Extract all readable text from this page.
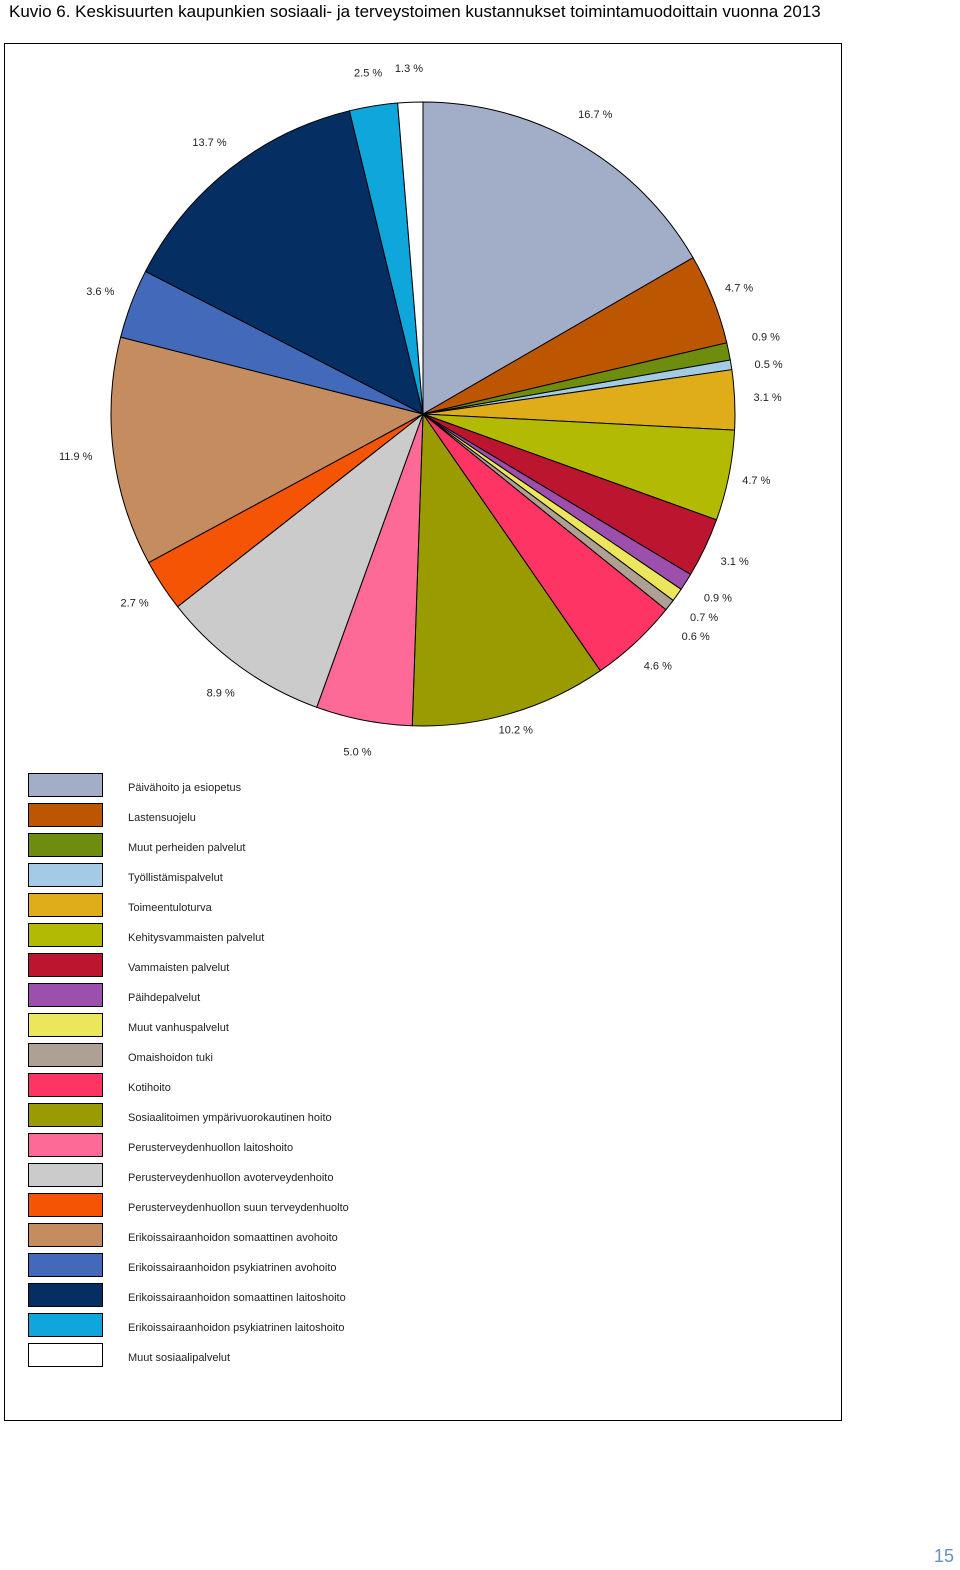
Kuvio 6. Keskisuurten kaupunkien sosiaali- ja terveystoimen kustannukset toimintamuodoittain vuonna 2013
16.7 %
4.7 %
0.9 %
0.5 %
3.1 %
4.7 %
3.1 %
0.9 %
0.7 %
0.6 %
4.6 %
10.2 %
5.0 %
8.9 %
2.7 %
11.9 %
3.6 %
13.7 %
2.5 % 1.3 %
Päivähoito ja esiopetus
Lastensuojelu
Muut perheiden palvelut
Työllistämispalvelut
Toimeentuloturva
Kehitysvammaisten palvelut
Vammaisten palvelut
Päihdepalvelut
Muut vanhuspalvelut
Omaishoidon tuki
Kotihoito
Sosiaalitoimen ympärivuorokautinen hoito
Perusterveydenhuollon laitoshoito
Perusterveydenhuollon avoterveydenhoito
Perusterveydenhuollon suun terveydenhuolto
Erikoissairaanhoidon somaattinen avohoito
Erikoissairaanhoidon psykiatrinen avohoito
Erikoissairaanhoidon somaattinen laitoshoito
Erikoissairaanhoidon psykiatrinen laitoshoito
Muut sosiaalipalvelut
15
